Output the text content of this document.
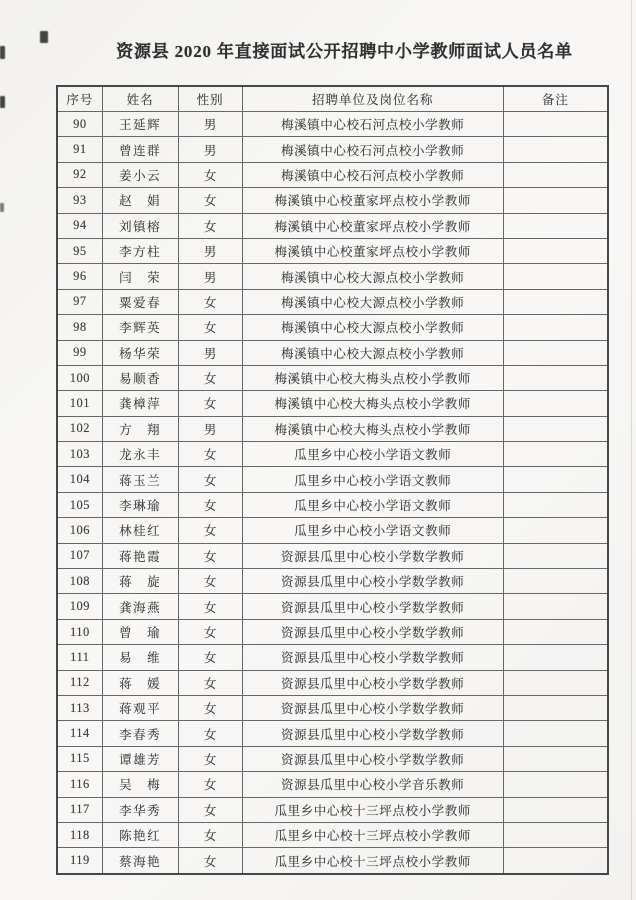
资源县 2020 年直接面试公开招聘中小学教师面试人员名单
序号	姓名	性别	招聘单位及岗位名称	备注
90	王延辉	男	梅溪镇中心校石河点校小学教师	
91	曾连群	男	梅溪镇中心校石河点校小学教师	
92	姜小云	女	梅溪镇中心校石河点校小学教师	
93	赵　娟	女	梅溪镇中心校董家坪点校小学教师	
94	刘镇榕	女	梅溪镇中心校董家坪点校小学教师	
95	李方柱	男	梅溪镇中心校董家坪点校小学教师	
96	闫　荣	男	梅溪镇中心校大源点校小学教师	
97	粟爱春	女	梅溪镇中心校大源点校小学教师	
98	李辉英	女	梅溪镇中心校大源点校小学教师	
99	杨华荣	男	梅溪镇中心校大源点校小学教师	
100	易顺香	女	梅溪镇中心校大梅头点校小学教师	
101	龚樟萍	女	梅溪镇中心校大梅头点校小学教师	
102	方　翔	男	梅溪镇中心校大梅头点校小学教师	
103	龙永丰	女	瓜里乡中心校小学语文教师	
104	蒋玉兰	女	瓜里乡中心校小学语文教师	
105	李琳瑜	女	瓜里乡中心校小学语文教师	
106	林桂红	女	瓜里乡中心校小学语文教师	
107	蒋艳霞	女	资源县瓜里中心校小学数学教师	
108	蒋　旋	女	资源县瓜里中心校小学数学教师	
109	龚海燕	女	资源县瓜里中心校小学数学教师	
110	曾　瑜	女	资源县瓜里中心校小学数学教师	
111	易　维	女	资源县瓜里中心校小学数学教师	
112	蒋　媛	女	资源县瓜里中心校小学数学教师	
113	蒋观平	女	资源县瓜里中心校小学数学教师	
114	李春秀	女	资源县瓜里中心校小学数学教师	
115	谭雄芳	女	资源县瓜里中心校小学数学教师	
116	吴　梅	女	资源县瓜里中心校小学音乐教师	
117	李华秀	女	瓜里乡中心校十三坪点校小学教师	
118	陈艳红	女	瓜里乡中心校十三坪点校小学教师	
119	蔡海艳	女	瓜里乡中心校十三坪点校小学教师	
